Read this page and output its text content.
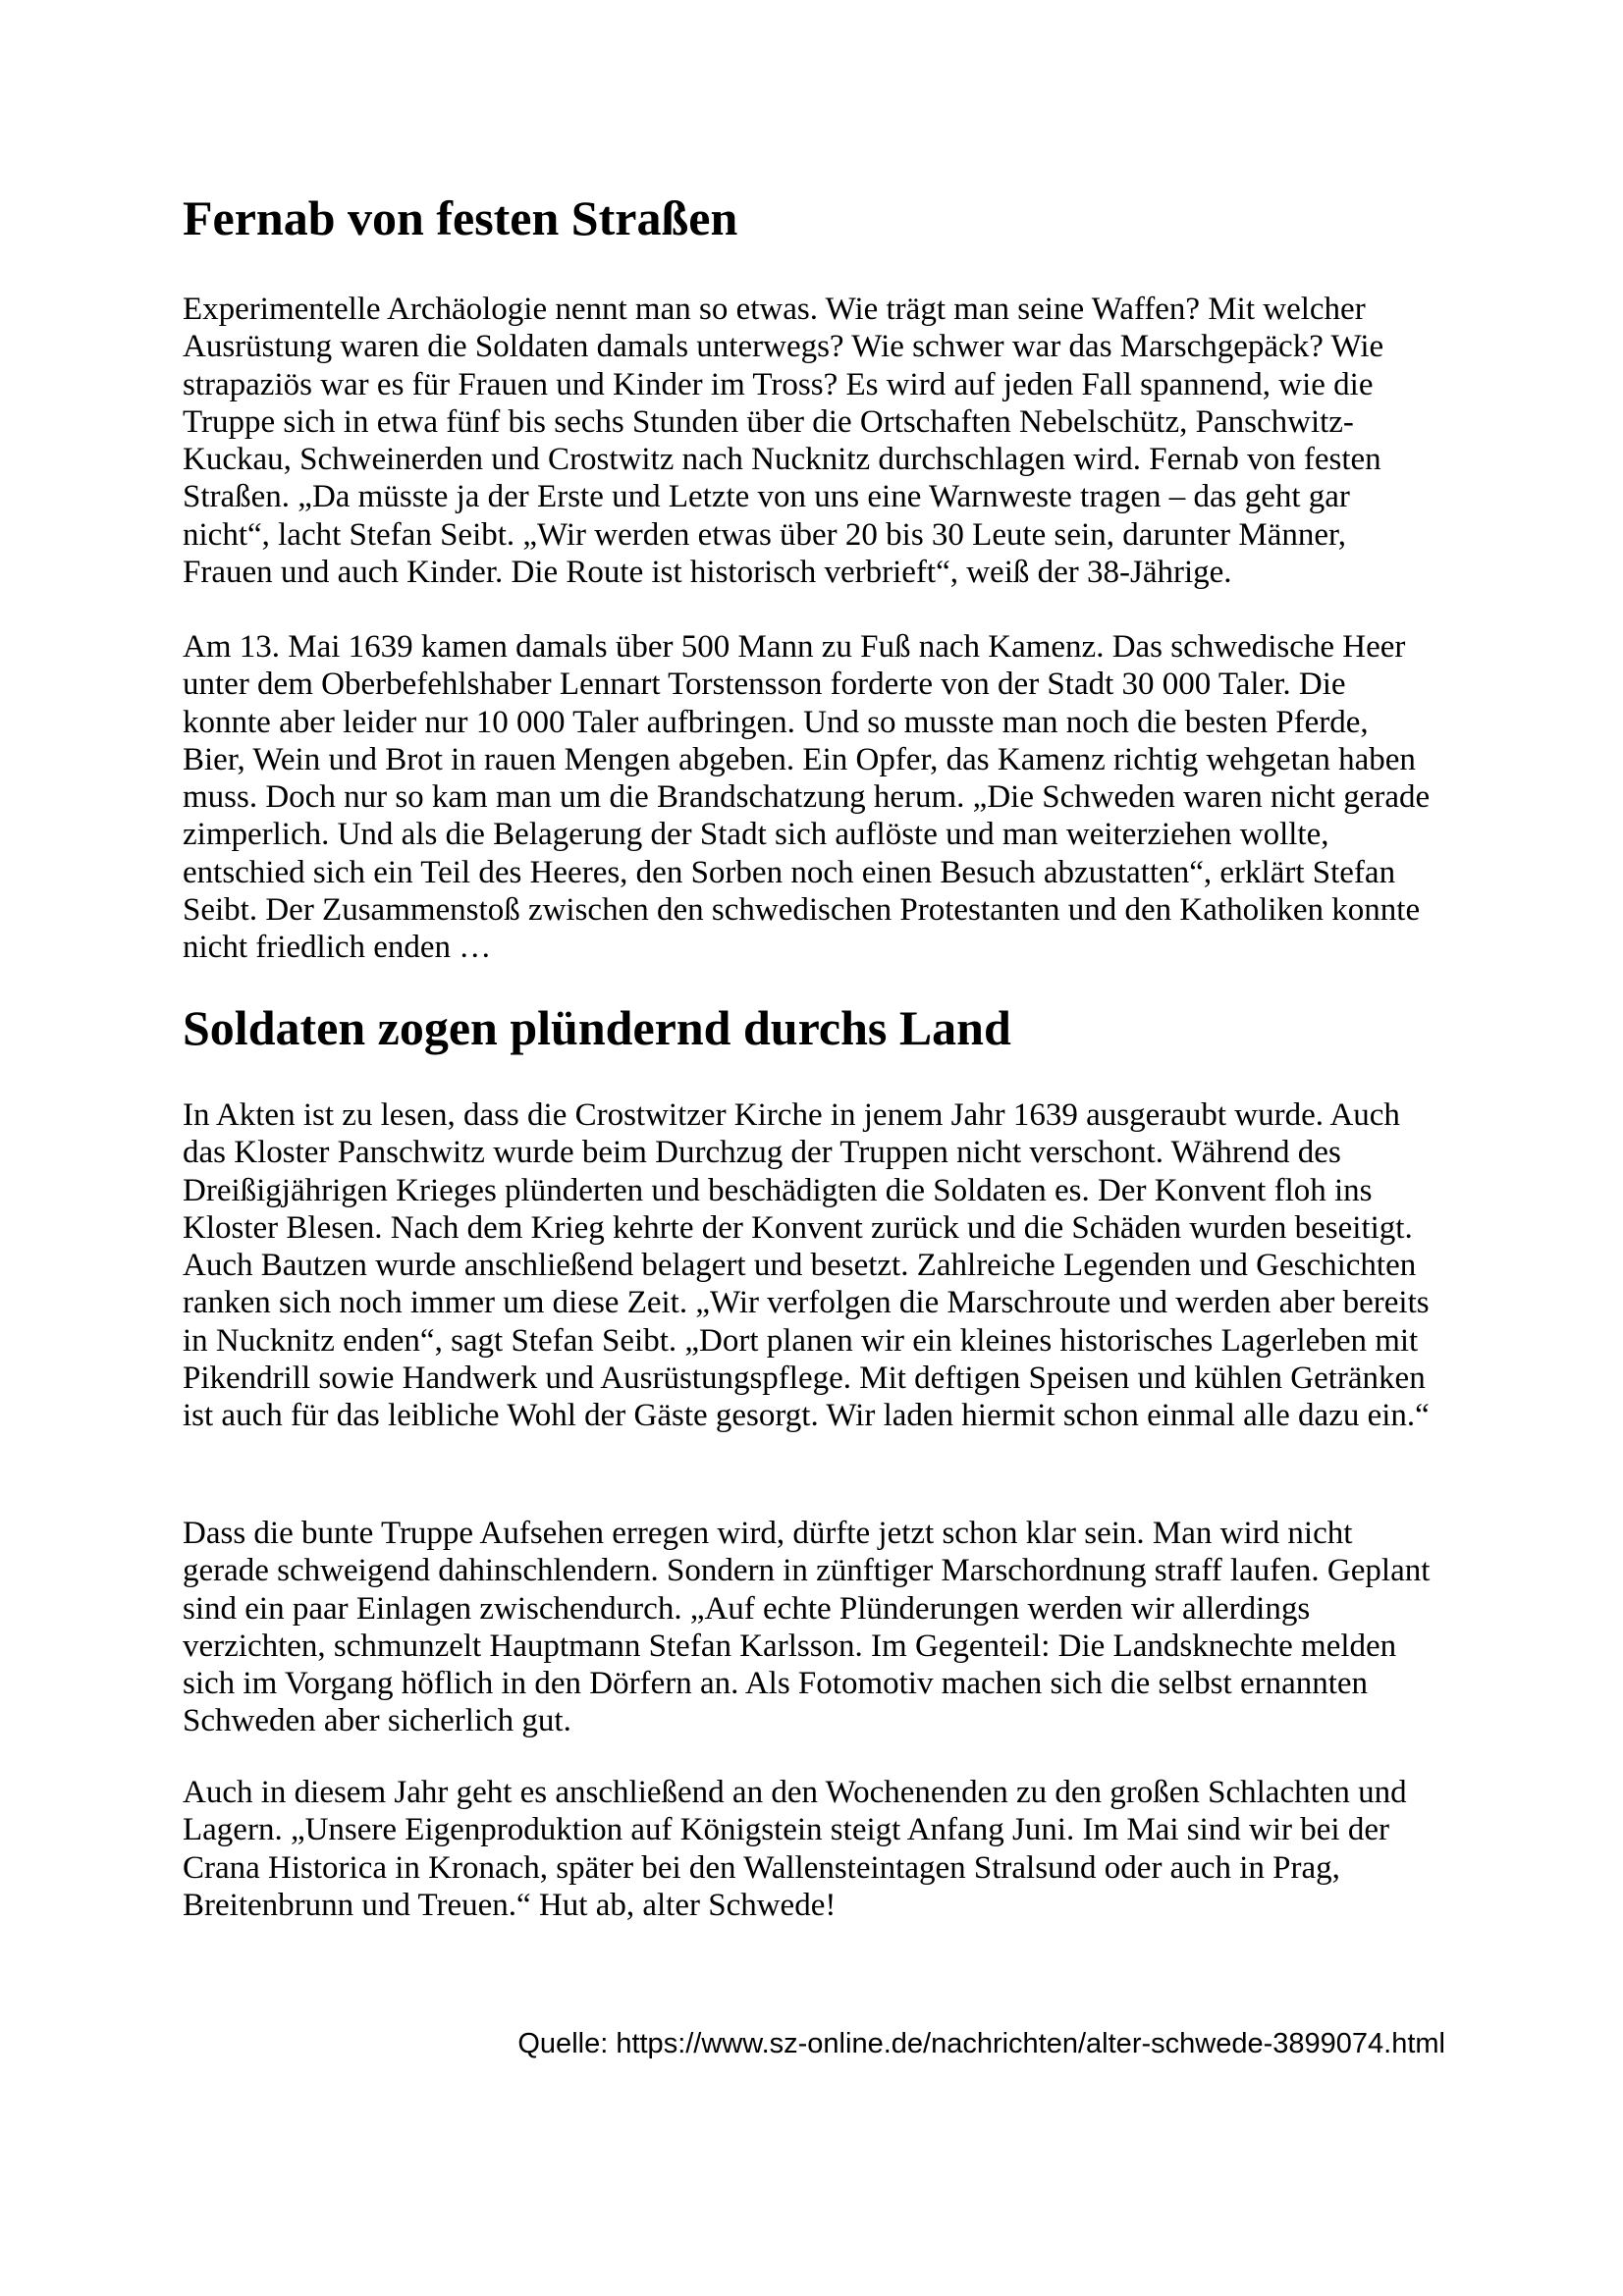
Fernab von festen Straßen

Experimentelle Archäologie nennt man so etwas. Wie trägt man seine Waffen? Mit welcher Ausrüstung waren die Soldaten damals unterwegs? Wie schwer war das Marschgepäck? Wie strapaziös war es für Frauen und Kinder im Tross? Es wird auf jeden Fall spannend, wie die Truppe sich in etwa fünf bis sechs Stunden über die Ortschaften Nebelschütz, Panschwitz-Kuckau, Schweinerden und Crostwitz nach Nucknitz durchschlagen wird. Fernab von festen Straßen. „Da müsste ja der Erste und Letzte von uns eine Warnweste tragen – das geht gar nicht“, lacht Stefan Seibt. „Wir werden etwas über 20 bis 30 Leute sein, darunter Männer, Frauen und auch Kinder. Die Route ist historisch verbrieft“, weiß der 38-Jährige.

Am 13. Mai 1639 kamen damals über 500 Mann zu Fuß nach Kamenz. Das schwedische Heer unter dem Oberbefehlshaber Lennart Torstensson forderte von der Stadt 30 000 Taler. Die konnte aber leider nur 10 000 Taler aufbringen. Und so musste man noch die besten Pferde, Bier, Wein und Brot in rauen Mengen abgeben. Ein Opfer, das Kamenz richtig wehgetan haben muss. Doch nur so kam man um die Brandschatzung herum. „Die Schweden waren nicht gerade zimperlich. Und als die Belagerung der Stadt sich auflöste und man weiterziehen wollte, entschied sich ein Teil des Heeres, den Sorben noch einen Besuch abzustatten“, erklärt Stefan Seibt. Der Zusammenstoß zwischen den schwedischen Protestanten und den Katholiken konnte nicht friedlich enden …

Soldaten zogen plündernd durchs Land

In Akten ist zu lesen, dass die Crostwitzer Kirche in jenem Jahr 1639 ausgeraubt wurde. Auch das Kloster Panschwitz wurde beim Durchzug der Truppen nicht verschont. Während des Dreißigjährigen Krieges plünderten und beschädigten die Soldaten es. Der Konvent floh ins Kloster Blesen. Nach dem Krieg kehrte der Konvent zurück und die Schäden wurden beseitigt. Auch Bautzen wurde anschließend belagert und besetzt. Zahlreiche Legenden und Geschichten ranken sich noch immer um diese Zeit. „Wir verfolgen die Marschroute und werden aber bereits in Nucknitz enden“, sagt Stefan Seibt. „Dort planen wir ein kleines historisches Lagerleben mit Pikendrill sowie Handwerk und Ausrüstungspflege. Mit deftigen Speisen und kühlen Getränken ist auch für das leibliche Wohl der Gäste gesorgt. Wir laden hiermit schon einmal alle dazu ein.“

Dass die bunte Truppe Aufsehen erregen wird, dürfte jetzt schon klar sein. Man wird nicht gerade schweigend dahinschlendern. Sondern in zünftiger Marschordnung straff laufen. Geplant sind ein paar Einlagen zwischendurch. „Auf echte Plünderungen werden wir allerdings verzichten, schmunzelt Hauptmann Stefan Karlsson. Im Gegenteil: Die Landsknechte melden sich im Vorgang höflich in den Dörfern an. Als Fotomotiv machen sich die selbst ernannten Schweden aber sicherlich gut.

Auch in diesem Jahr geht es anschließend an den Wochenenden zu den großen Schlachten und Lagern. „Unsere Eigenproduktion auf Königstein steigt Anfang Juni. Im Mai sind wir bei der Crana Historica in Kronach, später bei den Wallensteintagen Stralsund oder auch in Prag, Breitenbrunn und Treuen.“ Hut ab, alter Schwede!

Quelle: https://www.sz-online.de/nachrichten/alter-schwede-3899074.html
